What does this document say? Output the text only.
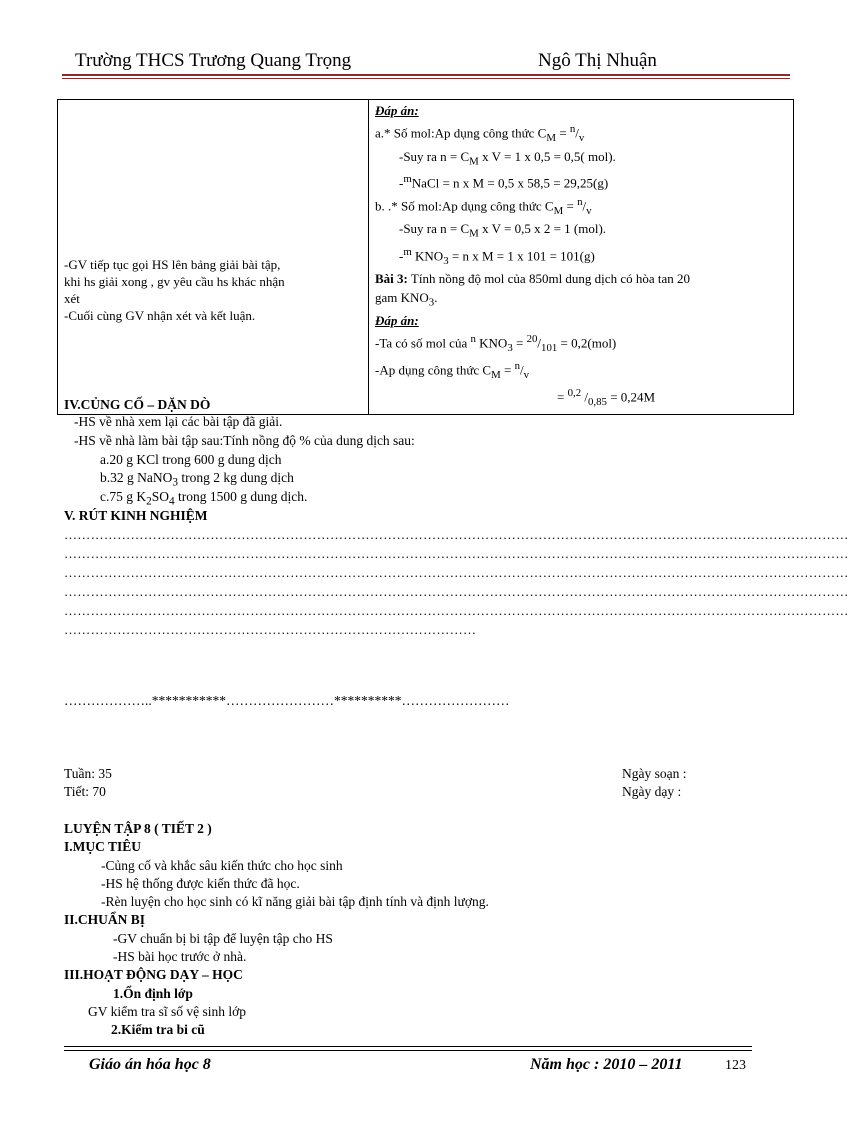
Trường THCS Trương Quang Trọng	Ngô Thị Nhuận
-GV tiếp tục gọi HS lên bảng giải bài tập,
khi hs giải xong , gv yêu cầu hs khác nhận
xét
-Cuối cùng GV nhận xét và kết luận.

Đáp án:
a.* Số mol:Ap dụng công thức $C_M = ^n/_v$
-Suy ra $n = C_M$ x V = 1 x 0,5 = 0,5( mol).
-$^m$NaCl = n x M = 0,5 x 58,5 = 29,25(g)
b. .* Số mol:Ap dụng công thức $C_M = ^n/_v$
-Suy ra $n = C_M$ x V = 0,5 x 2 = 1 (mol).
-$^m$ $KNO_3 = n$ x M = 1 x 101 = 101(g)
Bài 3: Tính nồng độ mol của 850ml dung dịch có hòa tan 20
gam $KNO_3$.
Đáp án:
-Ta có số mol của $^n$ $KNO_3 = ^{20}/_{101} = 0,2(mol)$
-Ap dụng công thức $C_M = ^n/_v$
= $^{0,2}$ $/_{0,85} = 0,24M$
IV.CỦNG CỐ – DẶN DÒ
-HS về nhà xem lại các bài tập đã giải.
-HS về nhà làm bài tập sau:Tính nồng độ % của dung dịch sau:
a.20 g KCl trong 600 g dung dịch
b.32 g NaNO$_3$ trong 2 kg dung dịch
c.75 g $K_2SO_4$ trong 1500 g dung dịch.
V. RÚT KINH NGHIỆM
……………………………………………………………………………………………………………………………………………………………
……………………………………………………………………………………………………………………………………………………………
……………………………………………………………………………………………………………………………………………………………
……………………………………………………………………………………………………………………………………………………………
……………………………………………………………………………………………………………………………………………………………
…………………………………………………………………………………
………………..***********……………………**********……………………
Tuần: 35
Tiết: 70
Ngày soạn :
Ngày dạy :
LUYỆN TẬP 8 ( TIẾT 2 )
I.MỤC TIÊU
-Củng cố và khắc sâu kiến thức cho học sinh
-HS hệ thống được kiến thức đã học.
-Rèn luyện cho học sinh có kĩ năng giải bài tập định tính và định lượng.
II.CHUẨN BỊ
-GV chuẩn bị bi tập để luyện tập cho HS
-HS bài học trước ở nhà.
III.HOẠT ĐỘNG DẠY – HỌC
1.Ổn định lớp
GV kiểm tra sĩ số vệ sinh lớp
2.Kiểm tra bi cũ
Giáo án hóa học 8	Năm học : 2010 – 2011	123
